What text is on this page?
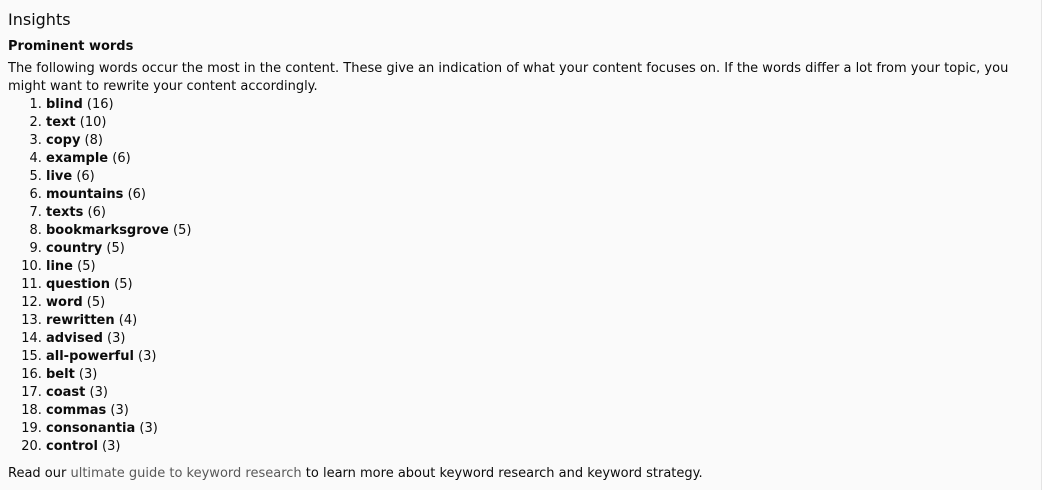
Insights
Prominent words

The following words occur the most in the content. These give an indication of what your content focuses on. If the words differ a lot from your topic, you might want to rewrite your content accordingly.

1. blind (16)
2. text (10)
3. copy (8)
4. example (6)
5. live (6)
6. mountains (6)
7. texts (6)
8. bookmarksgrove (5)
9. country (5)
10. line (5)
11. question (5)
12. word (5)
13. rewritten (4)
14. advised (3)
15. all-powerful (3)
16. belt (3)
17. coast (3)
18. commas (3)
19. consonantia (3)
20. control (3)

Read our ultimate guide to keyword research to learn more about keyword research and keyword strategy.
